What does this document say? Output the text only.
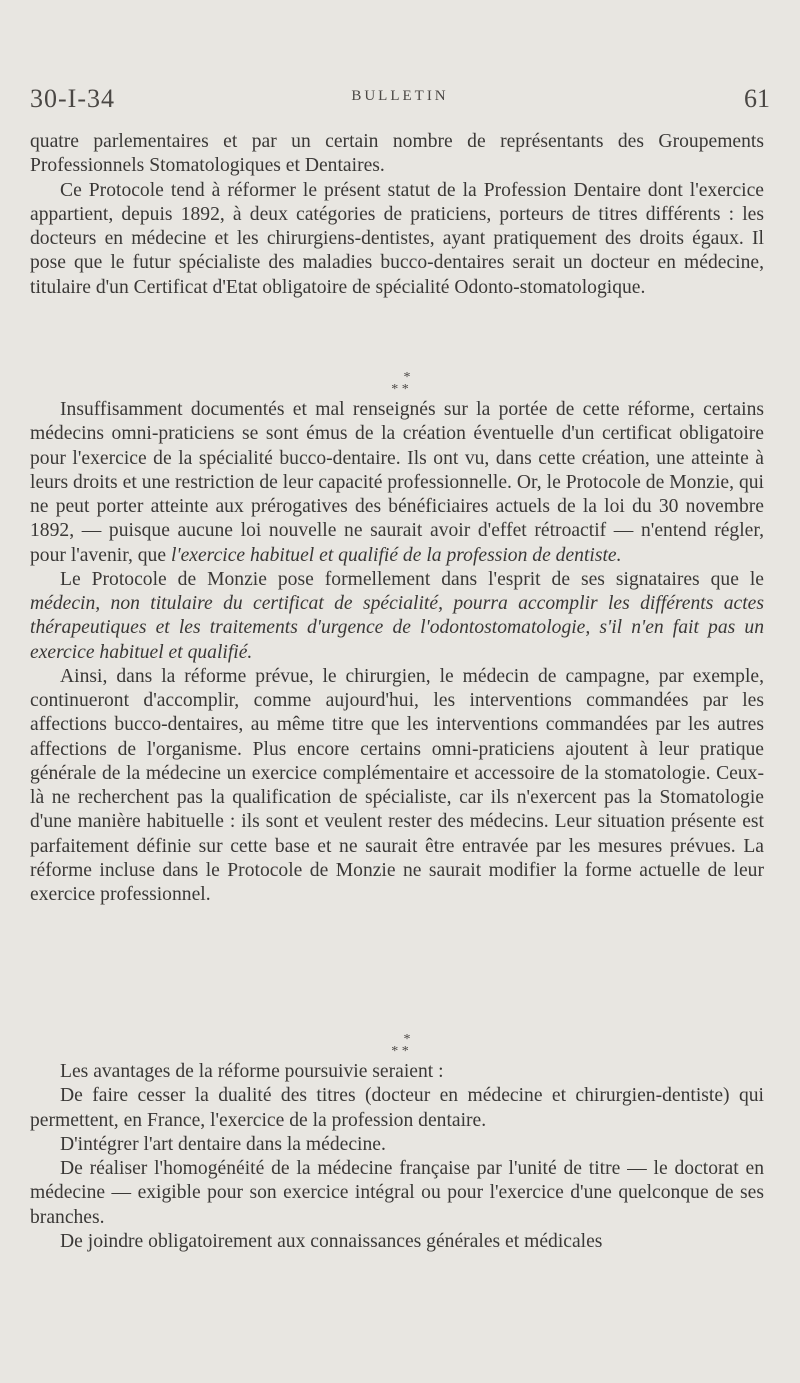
30-I-34	BULLETIN	61

quatre parlementaires et par un certain nombre de représentants des Groupements Professionnels Stomatologiques et Dentaires.

Ce Protocole tend à réformer le présent statut de la Profession Dentaire dont l'exercice appartient, depuis 1892, à deux catégories de praticiens, porteurs de titres différents : les docteurs en médecine et les chirurgiens-dentistes, ayant pratiquement des droits égaux. Il pose que le futur spécialiste des maladies bucco-dentaires serait un docteur en médecine, titulaire d'un Certificat d'Etat obligatoire de spécialité Odonto-stomatologique.

*
* *

Insuffisamment documentés et mal renseignés sur la portée de cette réforme, certains médecins omni-praticiens se sont émus de la création éventuelle d'un certificat obligatoire pour l'exercice de la spécialité bucco-dentaire. Ils ont vu, dans cette création, une atteinte à leurs droits et une restriction de leur capacité professionnelle. Or, le Protocole de Monzie, qui ne peut porter atteinte aux prérogatives des bénéficiaires actuels de la loi du 30 novembre 1892, — puisque aucune loi nouvelle ne saurait avoir d'effet rétroactif — n'entend régler, pour l'avenir, que l'exercice habituel et qualifié de la profession de dentiste.

Le Protocole de Monzie pose formellement dans l'esprit de ses signataires que le médecin, non titulaire du certificat de spécialité, pourra accomplir les différents actes thérapeutiques et les traitements d'urgence de l'odontostomatologie, s'il n'en fait pas un exercice habituel et qualifié.

Ainsi, dans la réforme prévue, le chirurgien, le médecin de campagne, par exemple, continueront d'accomplir, comme aujourd'hui, les interventions commandées par les affections bucco-dentaires, au même titre que les interventions commandées par les autres affections de l'organisme. Plus encore certains omni-praticiens ajoutent à leur pratique générale de la médecine un exercice complémentaire et accessoire de la stomatologie. Ceux-là ne recherchent pas la qualification de spécialiste, car ils n'exercent pas la Stomatologie d'une manière habituelle : ils sont et veulent rester des médecins. Leur situation présente est parfaitement définie sur cette base et ne saurait être entravée par les mesures prévues. La réforme incluse dans le Protocole de Monzie ne saurait modifier la forme actuelle de leur exercice professionnel.

*
* *

Les avantages de la réforme poursuivie seraient :

De faire cesser la dualité des titres (docteur en médecine et chirurgien-dentiste) qui permettent, en France, l'exercice de la profession dentaire.

D'intégrer l'art dentaire dans la médecine.

De réaliser l'homogénéité de la médecine française par l'unité de titre — le doctorat en médecine — exigible pour son exercice intégral ou pour l'exercice d'une quelconque de ses branches.

De joindre obligatoirement aux connaissances générales et médicales
